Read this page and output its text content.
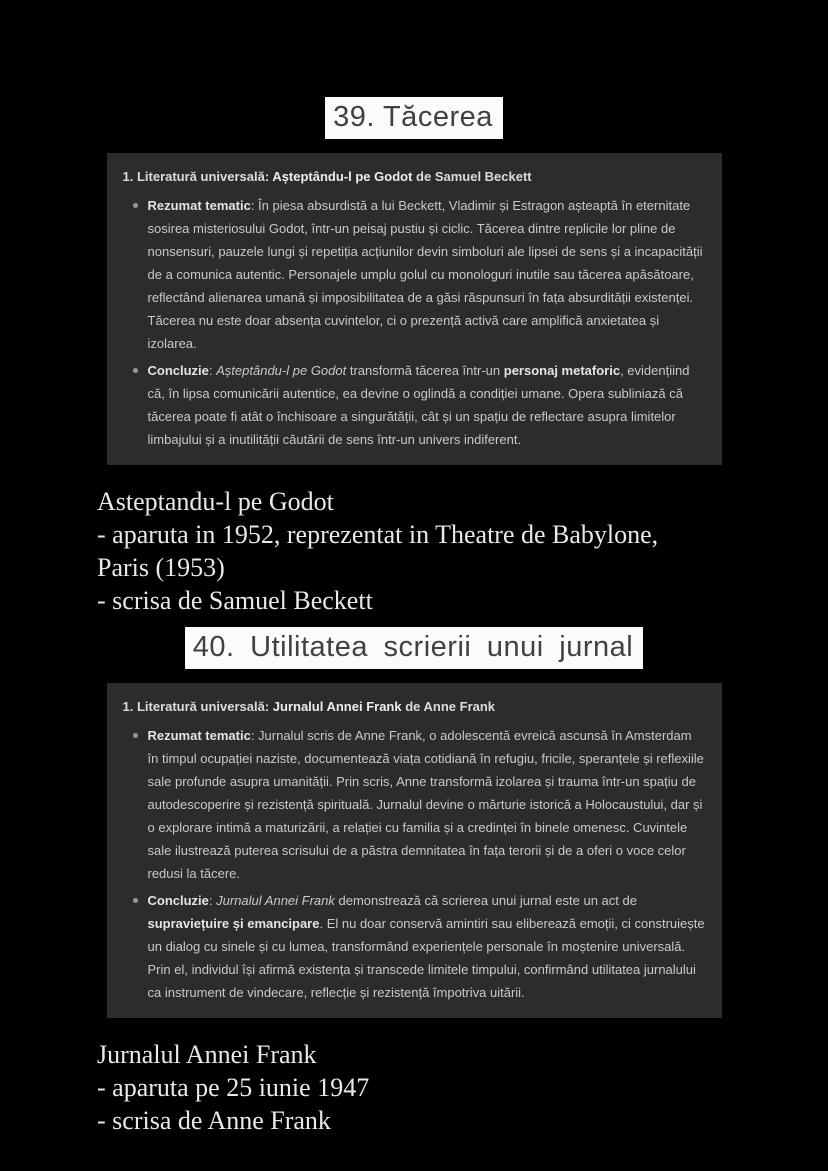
39. Tăcerea
1. Literatură universală: Așteptându-l pe Godot de Samuel Beckett
Rezumat tematic: În piesa absurdistă a lui Beckett, Vladimir și Estragon așteaptă în eternitate sosirea misteriosului Godot, într-un peisaj pustiu și ciclic. Tăcerea dintre replicile lor pline de nonsensuri, pauzele lungi și repetiția acțiunilor devin simboluri ale lipsei de sens și a incapacității de a comunica autentic. Personajele umplu golul cu monologuri inutile sau tăcerea apăsătoare, reflectând alienarea umană și imposibilitatea de a găsi răspunsuri în fața absurdității existenței. Tăcerea nu este doar absența cuvintelor, ci o prezență activă care amplifică anxietatea și izolarea.
Concluzie: Așteptându-l pe Godot transformă tăcerea într-un personaj metaforic, evidențiind că, în lipsa comunicării autentice, ea devine o oglindă a condiției umane. Opera subliniază că tăcerea poate fi atât o închisoare a singurătății, cât și un spațiu de reflectare asupra limitelor limbajului și a inutilității căutării de sens într-un univers indiferent.
Asteptandu-l pe Godot
- aparuta in 1952, reprezentat in Theatre de Babylone,
Paris (1953)
- scrisa de Samuel Beckett
40. Utilitatea scrierii unui jurnal
1. Literatură universală: Jurnalul Annei Frank de Anne Frank
Rezumat tematic: Jurnalul scris de Anne Frank, o adolescentă evreică ascunsă în Amsterdam în timpul ocupației naziste, documentează viața cotidiană în refugiu, fricile, speranțele și reflexiile sale profunde asupra umanității. Prin scris, Anne transformă izolarea și trauma într-un spațiu de autodescoperire și rezistență spirituală. Jurnalul devine o mărturie istorică a Holocaustului, dar și o explorare intimă a maturizării, a relației cu familia și a credinței în binele omenesc. Cuvintele sale ilustrează puterea scrisului de a păstra demnitatea în fața terorii și de a oferi o voce celor redusi la tăcere.
Concluzie: Jurnalul Annei Frank demonstrează că scrierea unui jurnal este un act de supraviețuire și emancipare. El nu doar conservă amintiri sau eliberează emoții, ci construiește un dialog cu sinele și cu lumea, transformând experiențele personale în moștenire universală. Prin el, individul își afirmă existența și transcede limitele timpului, confirmând utilitatea jurnalului ca instrument de vindecare, reflecție și rezistență împotriva uitării.
Jurnalul Annei Frank
- aparuta pe 25 iunie 1947
- scrisa de Anne Frank
